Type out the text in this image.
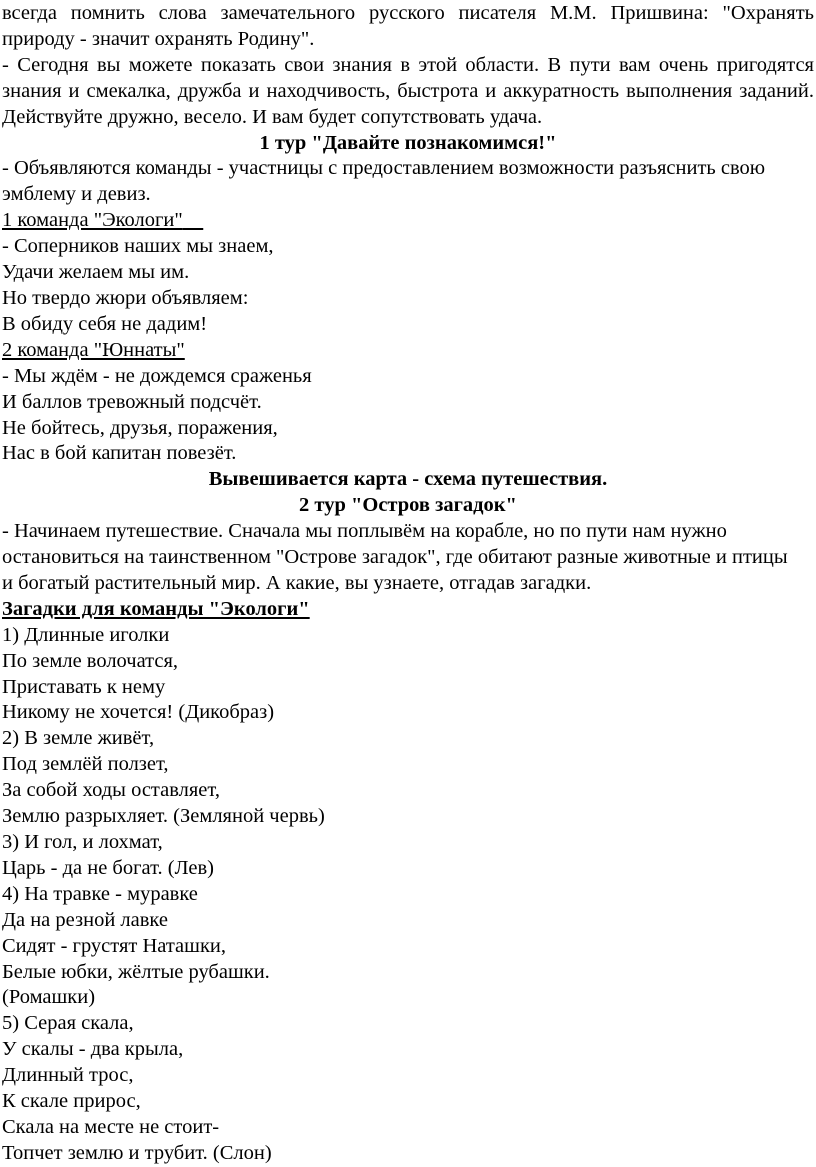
всегда помнить слова замечательного русского писателя М.М. Пришвина: "Охранять природу - значит охранять Родину".

- Сегодня вы можете показать свои знания в этой области. В пути вам очень пригодятся знания и смекалка, дружба и находчивость, быстрота и аккуратность выполнения заданий. Действуйте дружно, весело. И вам будет сопутствовать удача.

1 тур "Давайте познакомимся!"

- Объявляются команды - участницы с предоставлением возможности разъяснить свою эмблему и девиз.

1 команда "Экологи"

- Соперников наших мы знаем,

Удачи желаем мы им.

Но твердо жюри объявляем:

В обиду себя не дадим!

2 команда "Юннаты"

- Мы ждём - не дождемся сраженья

И баллов тревожный подсчёт.

Не бойтесь, друзья, поражения,

Нас в бой капитан повезёт.

Вывешивается карта - схема путешествия.

2 тур "Остров загадок"

- Начинаем путешествие. Сначала мы поплывём на корабле, но по пути нам нужно остановиться на таинственном "Острове загадок", где обитают разные животные и птицы и богатый растительный мир. А какие, вы узнаете, отгадав загадки.

Загадки для команды "Экологи"

1) Длинные иголки

По земле волочатся,

Приставать к нему

Никому не хочется! (Дикобраз)

2) В земле живёт,

Под землёй ползет,

За собой ходы оставляет,

Землю разрыхляет. (Земляной червь)

3) И гол, и лохмат,

Царь - да не богат. (Лев)

4) На травке - муравке

Да на резной лавке

Сидят - грустят Наташки,

Белые юбки, жёлтые рубашки.

(Ромашки)

5) Серая скала,

У скалы - два крыла,

Длинный трос,

К скале прирос,

Скала на месте не стоит-

Топчет землю и трубит. (Слон)
